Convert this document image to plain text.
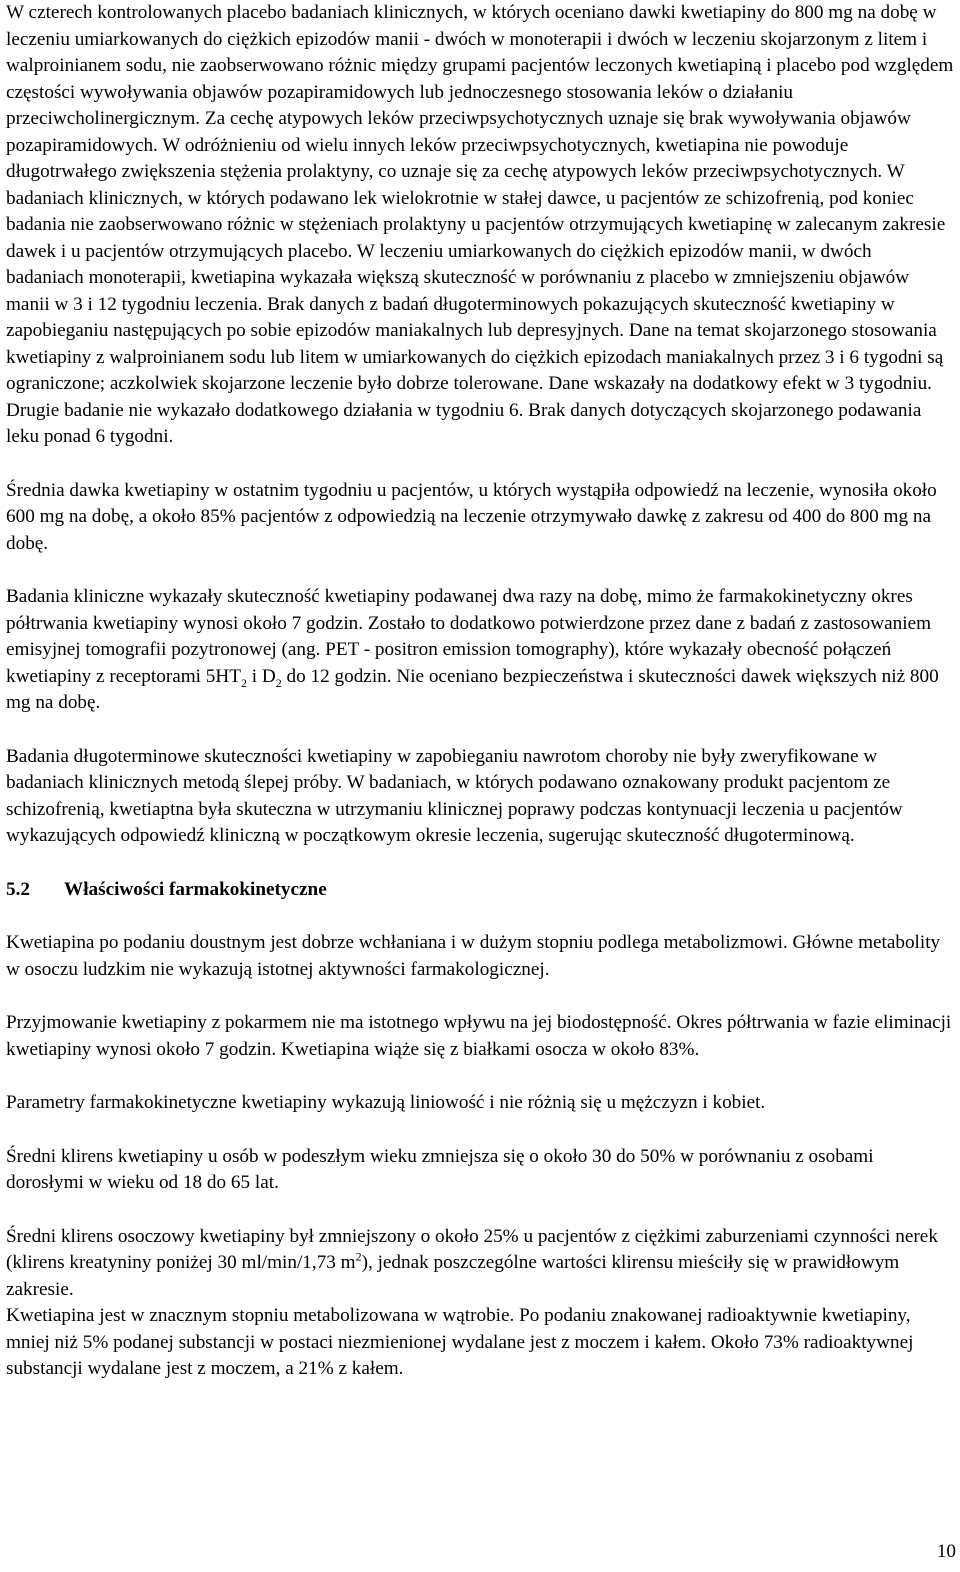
W czterech kontrolowanych placebo badaniach klinicznych, w których oceniano dawki kwetiapiny do 800 mg na dobę w leczeniu umiarkowanych do ciężkich epizodów manii - dwóch w monoterapii i dwóch w leczeniu skojarzonym z litem i walproinianem sodu, nie zaobserwowano różnic między grupami pacjentów leczonych kwetiapiną i placebo pod względem częstości wywoływania objawów pozapiramidowych lub jednoczesnego stosowania leków o działaniu przeciwcholinergicznym. Za cechę atypowych leków przeciwpsychotycznych uznaje się brak wywoływania objawów pozapiramidowych. W odróżnieniu od wielu innych leków przeciwpsychotycznych, kwetiapina nie powoduje długotrwałego zwiększenia stężenia prolaktyny, co uznaje się za cechę atypowych leków przeciwpsychotycznych. W badaniach klinicznych, w których podawano lek wielokrotnie w stałej dawce, u pacjentów ze schizofrenią, pod koniec badania nie zaobserwowano różnic w stężeniach prolaktyny u pacjentów otrzymujących kwetiapinę w zalecanym zakresie dawek i u pacjentów otrzymujących placebo. W leczeniu umiarkowanych do ciężkich epizodów manii, w dwóch badaniach monoterapii, kwetiapina wykazała większą skuteczność w porównaniu z placebo w zmniejszeniu objawów manii w 3 i 12 tygodniu leczenia. Brak danych z badań długoterminowych pokazujących skuteczność kwetiapiny w zapobieganiu następujących po sobie epizodów maniakalnych lub depresyjnych. Dane na temat skojarzonego stosowania kwetiapiny z walproinianem sodu lub litem w umiarkowanych do ciężkich epizodach maniakalnych przez 3 i 6 tygodni są ograniczone; aczkolwiek skojarzone leczenie było dobrze tolerowane. Dane wskazały na dodatkowy efekt w 3 tygodniu. Drugie badanie nie wykazało dodatkowego działania w tygodniu 6. Brak danych dotyczących skojarzonego podawania leku ponad 6 tygodni.

Średnia dawka kwetiapiny w ostatnim tygodniu u pacjentów, u których wystąpiła odpowiedź na leczenie, wynosiła około 600 mg na dobę, a około 85% pacjentów z odpowiedzią na leczenie otrzymywało dawkę z zakresu od 400 do 800 mg na dobę.

Badania kliniczne wykazały skuteczność kwetiapiny podawanej dwa razy na dobę, mimo że farmakokinetyczny okres półtrwania kwetiapiny wynosi około 7 godzin. Zostało to dodatkowo potwierdzone przez dane z badań z zastosowaniem emisyjnej tomografii pozytronowej (ang. PET - positron emission tomography), które wykazały obecność połączeń kwetiapiny z receptorami $5HT_2$ i $D_2$ do 12 godzin. Nie oceniano bezpieczeństwa i skuteczności dawek większych niż 800 mg na dobę.

Badania długoterminowe skuteczności kwetiapiny w zapobieganiu nawrotom choroby nie były zweryfikowane w badaniach klinicznych metodą ślepej próby. W badaniach, w których podawano oznakowany produkt pacjentom ze schizofrenią, kwetiaptna była skuteczna w utrzymaniu klinicznej poprawy podczas kontynuacji leczenia u pacjentów wykazujących odpowiedź kliniczną w początkowym okresie leczenia, sugerując skuteczność długoterminową.

5.2 Właściwości farmakokinetyczne

Kwetiapina po podaniu doustnym jest dobrze wchłaniana i w dużym stopniu podlega metabolizmowi. Główne metabolity w osoczu ludzkim nie wykazują istotnej aktywności farmakologicznej.

Przyjmowanie kwetiapiny z pokarmem nie ma istotnego wpływu na jej biodostępność. Okres półtrwania w fazie eliminacji kwetiapiny wynosi około 7 godzin. Kwetiapina wiąże się z białkami osocza w około 83%.

Parametry farmakokinetyczne kwetiapiny wykazują liniowość i nie różnią się u mężczyzn i kobiet.

Średni klirens kwetiapiny u osób w podeszłym wieku zmniejsza się o około 30 do 50% w porównaniu z osobami dorosłymi w wieku od 18 do 65 lat.

Średni klirens osoczowy kwetiapiny był zmniejszony o około 25% u pacjentów z ciężkimi zaburzeniami czynności nerek (klirens kreatyniny poniżej 30 ml/min/1,73 $m^2$), jednak poszczególne wartości klirensu mieściły się w prawidłowym zakresie.

Kwetiapina jest w znacznym stopniu metabolizowana w wątrobie. Po podaniu znakowanej radioaktywnie kwetiapiny, mniej niż 5% podanej substancji w postaci niezmienionej wydalane jest z moczem i kałem. Około 73% radioaktywnej substancji wydalane jest z moczem, a 21% z kałem.

10
